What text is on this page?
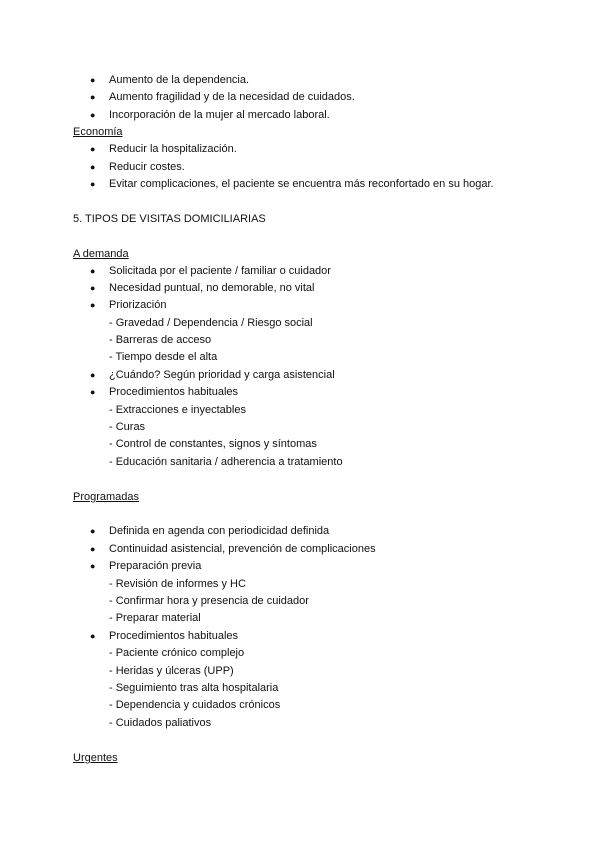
● Aumento de la dependencia.
● Aumento fragilidad y de la necesidad de cuidados.
● Incorporación de la mujer al mercado laboral.
Economía
● Reducir la hospitalización.
● Reducir costes.
● Evitar complicaciones, el paciente se encuentra más reconfortado en su hogar.
5. TIPOS DE VISITAS DOMICILIARIAS
A demanda
● Solicitada por el paciente / familiar o cuidador
● Necesidad puntual, no demorable, no vital
● Priorización
- Gravedad / Dependencia / Riesgo social
- Barreras de acceso
- Tiempo desde el alta
● ¿Cuándo? Según prioridad y carga asistencial
● Procedimientos habituales
- Extracciones e inyectables
- Curas
- Control de constantes, signos y síntomas
- Educación sanitaria / adherencia a tratamiento
Programadas
● Definida en agenda con periodicidad definida
● Continuidad asistencial, prevención de complicaciones
● Preparación previa
- Revisión de informes y HC
- Confirmar hora y presencia de cuidador
- Preparar material
● Procedimientos habituales
- Paciente crónico complejo
- Heridas y úlceras (UPP)
- Seguimiento tras alta hospitalaria
- Dependencia y cuidados crónicos
- Cuidados paliativos
Urgentes
